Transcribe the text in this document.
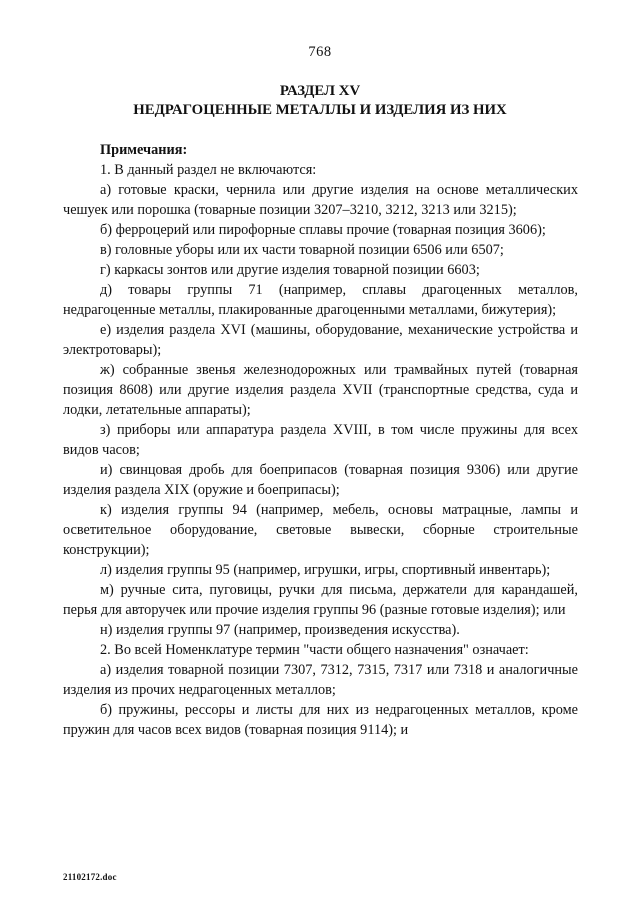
768
РАЗДЕЛ XV
НЕДРАГОЦЕННЫЕ МЕТАЛЛЫ И ИЗДЕЛИЯ ИЗ НИХ

Примечания:

1. В данный раздел не включаются:

а) готовые краски, чернила или другие изделия на основе металлических чешуек или порошка (товарные позиции 3207–3210, 3212, 3213 или 3215);

б) ферроцерий или пирофорные сплавы прочие (товарная позиция 3606);

в) головные уборы или их части товарной позиции 6506 или 6507;

г) каркасы зонтов или другие изделия товарной позиции 6603;

д) товары группы 71 (например, сплавы драгоценных металлов, недрагоценные металлы, плакированные драгоценными металлами, бижутерия);

е) изделия раздела XVI (машины, оборудование, механические устройства и электротовары);

ж) собранные звенья железнодорожных или трамвайных путей (товарная позиция 8608) или другие изделия раздела XVII (транспортные средства, суда и лодки, летательные аппараты);

з) приборы или аппаратура раздела XVIII, в том числе пружины для всех видов часов;

и) свинцовая дробь для боеприпасов (товарная позиция 9306) или другие изделия раздела XIX (оружие и боеприпасы);

к) изделия группы 94 (например, мебель, основы матрацные, лампы и осветительное оборудование, световые вывески, сборные строительные конструкции);

л) изделия группы 95 (например, игрушки, игры, спортивный инвентарь);

м) ручные сита, пуговицы, ручки для письма, держатели для карандашей, перья для авторучек или прочие изделия группы 96 (разные готовые изделия); или

н) изделия группы 97 (например, произведения искусства).

2. Во всей Номенклатуре термин "части общего назначения" означает:

а) изделия товарной позиции 7307, 7312, 7315, 7317 или 7318 и аналогичные изделия из прочих недрагоценных металлов;

б) пружины, рессоры и листы для них из недрагоценных металлов, кроме пружин для часов всех видов (товарная позиция 9114); и

21102172.doc
